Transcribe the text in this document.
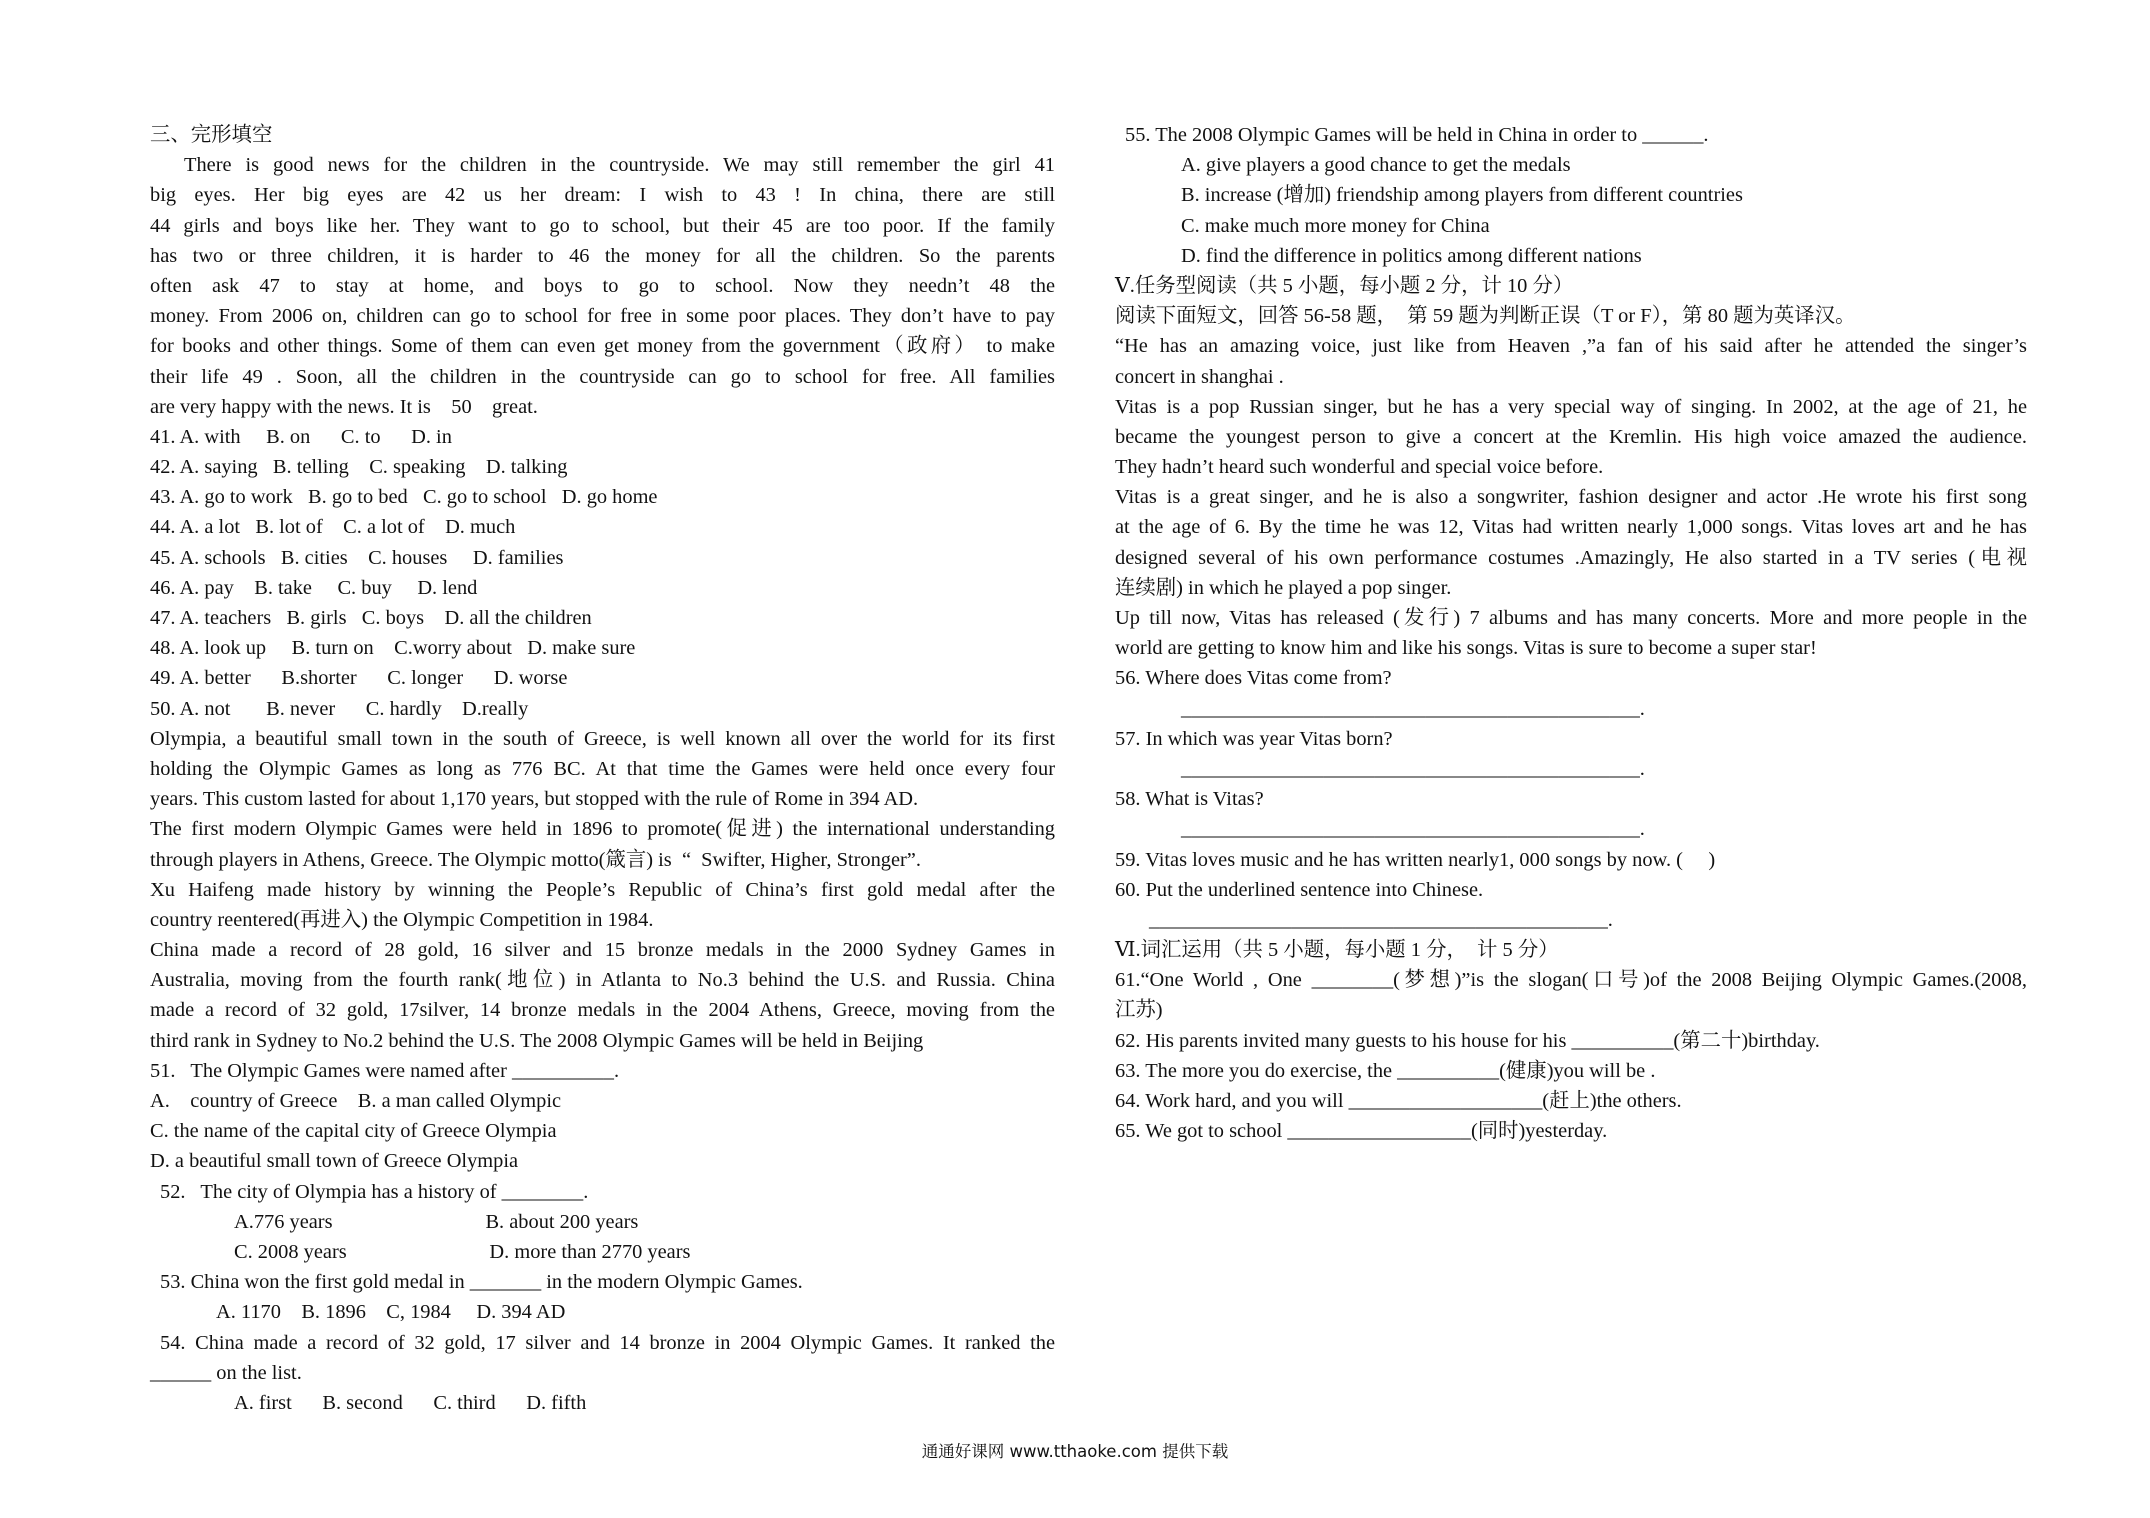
三、完形填空
There is good news for the children in the countryside. We may still remember the girl 41
big eyes. Her big eyes are 42 us her dream: I wish to 43 ! In china, there are still
44 girls and boys like her. They want to go to school, but their 45 are too poor. If the family
has two or three children, it is harder to 46 the money for all the children. So the parents
often ask 47 to stay at home, and boys to go to school. Now they needn’t 48 the
money. From 2006 on, children can go to school for free in some poor places. They don’t have to pay
for books and other things. Some of them can even get money from the government（政府） to make
their life 49 . Soon, all the children in the countryside can go to school for free. All families
are very happy with the news. It is    50    great.
41. A. with     B. on      C. to      D. in
42. A. saying   B. telling    C. speaking    D. talking
43. A. go to work   B. go to bed   C. go to school   D. go home
44. A. a lot   B. lot of    C. a lot of    D. much
45. A. schools   B. cities    C. houses     D. families
46. A. pay    B. take     C. buy     D. lend
47. A. teachers   B. girls   C. boys    D. all the children
48. A. look up     B. turn on    C.worry about   D. make sure
49. A. better      B.shorter      C. longer      D. worse
50. A. not       B. never      C. hardly    D.really
Olympia, a beautiful small town in the south of Greece, is well known all over the world for its first
holding the Olympic Games as long as 776 BC. At that time the Games were held once every four
years. This custom lasted for about 1,170 years, but stopped with the rule of Rome in 394 AD.
The first modern Olympic Games were held in 1896 to promote(促进) the international understanding
through players in Athens, Greece. The Olympic motto(箴言) is  “  Swifter, Higher, Stronger”.
Xu Haifeng made history by winning the People’s Republic of China’s first gold medal after the
country reentered(再进入) the Olympic Competition in 1984.
China made a record of 28 gold, 16 silver and 15 bronze medals in the 2000 Sydney Games in
Australia, moving from the fourth rank(地位) in Atlanta to No.3 behind the U.S. and Russia. China
made a record of 32 gold, 17silver, 14 bronze medals in the 2004 Athens, Greece, moving from the
third rank in Sydney to No.2 behind the U.S. The 2008 Olympic Games will be held in Beijing
51.   The Olympic Games were named after __________.
A.    country of Greece    B. a man called Olympic
C. the name of the capital city of Greece Olympia
D. a beautiful small town of Greece Olympia
52.   The city of Olympia has a history of ________.
A.776 years                              B. about 200 years
C. 2008 years                            D. more than 2770 years
53. China won the first gold medal in _______ in the modern Olympic Games.
A. 1170    B. 1896    C, 1984     D. 394 AD
54. China made a record of 32 gold, 17 silver and 14 bronze in 2004 Olympic Games. It ranked the
______ on the list.
A. first      B. second      C. third      D. fifth
55. The 2008 Olympic Games will be held in China in order to ______.
A. give players a good chance to get the medals
B. increase (增加) friendship among players from different countries
C. make much more money for China
D. find the difference in politics among different nations
Ⅴ.任务型阅读（共 5 小题，每小题 2 分，计 10 分）
阅读下面短文，回答 56-58 题，  第 59 题为判断正误（T or F），第 80 题为英译汉。
“He has an amazing voice, just like from Heaven ,”a fan of his said after he attended the singer’s
concert in shanghai .
Vitas is a pop Russian singer, but he has a very special way of singing. In 2002, at the age of 21, he
became the youngest person to give a concert at the Kremlin. His high voice amazed the audience.
They hadn’t heard such wonderful and special voice before.
Vitas is a great singer, and he is also a songwriter, fashion designer and actor .He wrote his first song
at the age of 6. By the time he was 12, Vitas had written nearly 1,000 songs. Vitas loves art and he has
designed several of his own performance costumes .Amazingly, He also started in a TV series (电视
连续剧) in which he played a pop singer.
Up till now, Vitas has released (发行) 7 albums and has many concerts. More and more people in the
world are getting to know him and like his songs. Vitas is sure to become a super star!
56. Where does Vitas come from?
_____________________________________________.
57. In which was year Vitas born?
_____________________________________________.
58. What is Vitas?
_____________________________________________.
59. Vitas loves music and he has written nearly1, 000 songs by now. (     )
60. Put the underlined sentence into Chinese.
_____________________________________________.
Ⅵ.词汇运用（共 5 小题，每小题 1 分，  计 5 分）
61.“One World , One ________(梦想)”is the slogan(口号)of the 2008 Beijing Olympic Games.(2008,
江苏)
62. His parents invited many guests to his house for his __________(第二十)birthday.
63. The more you do exercise, the __________(健康)you will be .
64. Work hard, and you will ___________________(赶上)the others.
65. We got to school __________________(同时)yesterday.
通通好课网 www.tthaoke.com 提供下载
